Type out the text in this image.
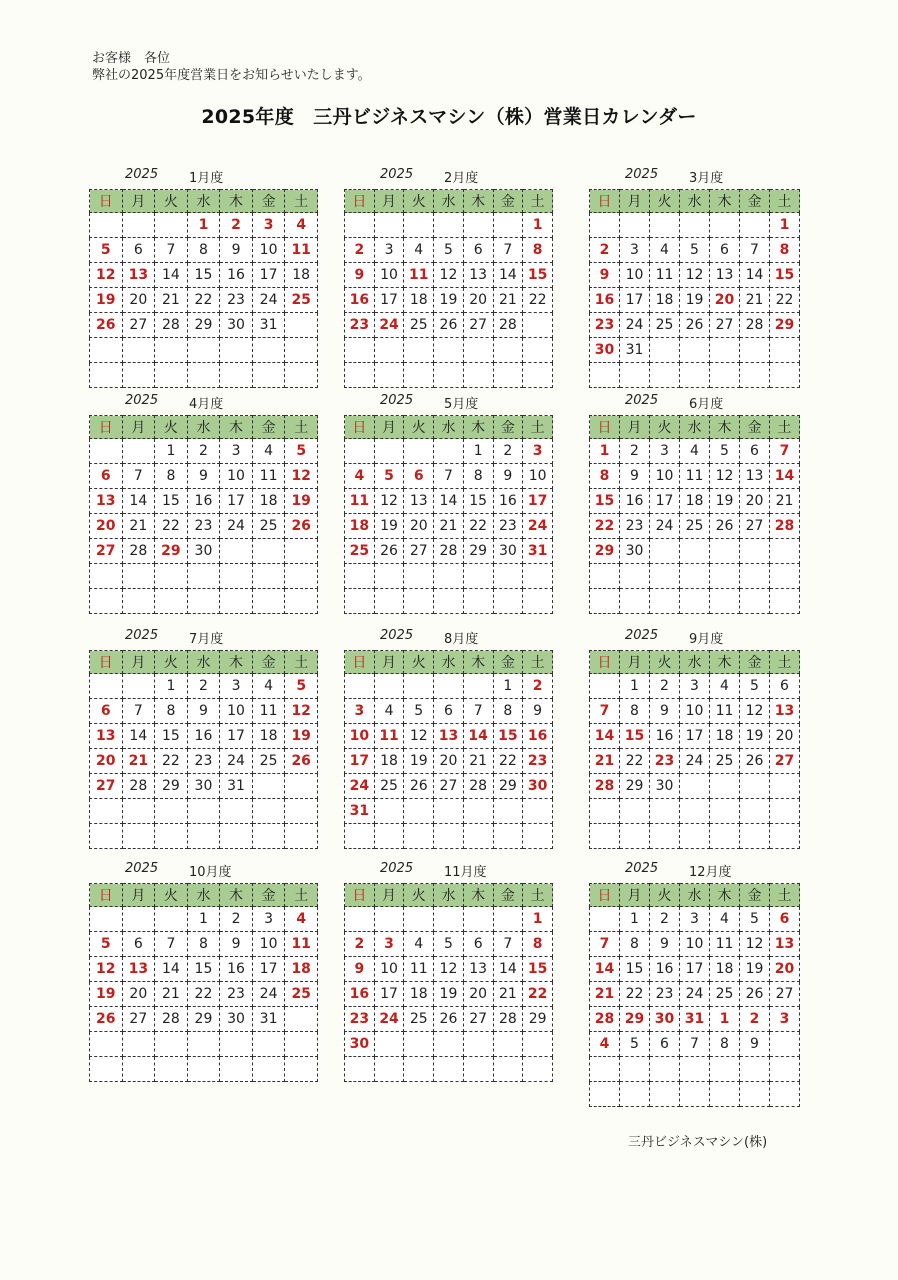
お客様　各位
弊社の2025年度営業日をお知らせいたします。
2025年度　三丹ビジネスマシン（株）営業日カレンダー
2025 1月度
日	月	火	水	木	金	土
			1	2	3	4
5	6	7	8	9	10	11
12	13	14	15	16	17	18
19	20	21	22	23	24	25
26	27	28	29	30	31	

2025 2月度
日	月	火	水	木	金	土
						1
2	3	4	5	6	7	8
9	10	11	12	13	14	15
16	17	18	19	20	21	22
23	24	25	26	27	28	

2025 3月度
日	月	火	水	木	金	土
						1
2	3	4	5	6	7	8
9	10	11	12	13	14	15
16	17	18	19	20	21	22
23	24	25	26	27	28	29
30	31					

2025 4月度
日	月	火	水	木	金	土
		1	2	3	4	5
6	7	8	9	10	11	12
13	14	15	16	17	18	19
20	21	22	23	24	25	26
27	28	29	30			

2025 5月度
日	月	火	水	木	金	土
				1	2	3
4	5	6	7	8	9	10
11	12	13	14	15	16	17
18	19	20	21	22	23	24
25	26	27	28	29	30	31

2025 6月度
日	月	火	水	木	金	土
1	2	3	4	5	6	7
8	9	10	11	12	13	14
15	16	17	18	19	20	21
22	23	24	25	26	27	28
29	30					

2025 7月度
日	月	火	水	木	金	土
		1	2	3	4	5
6	7	8	9	10	11	12
13	14	15	16	17	18	19
20	21	22	23	24	25	26
27	28	29	30	31		

2025 8月度
日	月	火	水	木	金	土
					1	2
3	4	5	6	7	8	9
10	11	12	13	14	15	16
17	18	19	20	21	22	23
24	25	26	27	28	29	30
31						

2025 9月度
日	月	火	水	木	金	土
	1	2	3	4	5	6
7	8	9	10	11	12	13
14	15	16	17	18	19	20
21	22	23	24	25	26	27
28	29	30				

2025 10月度
日	月	火	水	木	金	土
			1	2	3	4
5	6	7	8	9	10	11
12	13	14	15	16	17	18
19	20	21	22	23	24	25
26	27	28	29	30	31	

2025 11月度
日	月	火	水	木	金	土
						1
2	3	4	5	6	7	8
9	10	11	12	13	14	15
16	17	18	19	20	21	22
23	24	25	26	27	28	29
30						

2025 12月度
日	月	火	水	木	金	土
	1	2	3	4	5	6
7	8	9	10	11	12	13
14	15	16	17	18	19	20
21	22	23	24	25	26	27
28	29	30	31	1	2	3
4	5	6	7	8	9	

三丹ビジネスマシン(株)
